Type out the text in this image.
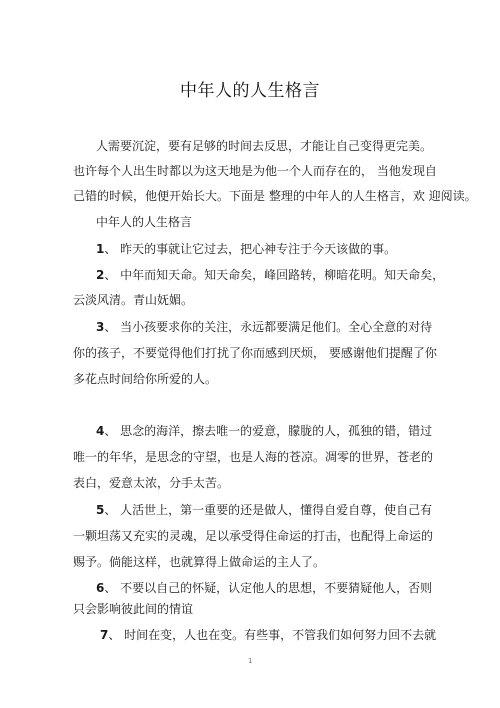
中年人的人生格言
人需要沉淀，要有足够的时间去反思，才能让自己变得更完美。
也许每个人出生时都以为这天地是为他一个人而存在的， 当他发现自
己错的时候，他便开始长大。下面是 整理的中年人的人生格言，欢 迎阅读。
中年人的人生格言
1、 昨天的事就让它过去，把心神专注于今天该做的事。
2、 中年而知天命。知天命矣，峰回路转，柳暗花明。知天命矣，
云淡风清。青山妩媚。
3、 当小孩要求你的关注，永远都要满足他们。全心全意的对待
你的孩子，不要觉得他们打扰了你而感到厌烦， 要感谢他们提醒了你
多花点时间给你所爱的人。
4、 思念的海洋，擦去唯一的爱意，朦胧的人，孤独的错，错过
唯一的年华，是思念的守望，也是人海的苍凉。凋零的世界，苍老的
表白，爱意太浓，分手太苦。
5、 人活世上，第一重要的还是做人，懂得自爱自尊，使自己有
一颗坦荡又充实的灵魂，足以承受得住命运的打击，也配得上命运的
赐予。倘能这样，也就算得上做命运的主人了。
6、 不要以自己的怀疑，认定他人的思想，不要猜疑他人，否则
只会影响彼此间的情谊
7、 时间在变，人也在变。有些事，不管我们如何努力回不去就
1
